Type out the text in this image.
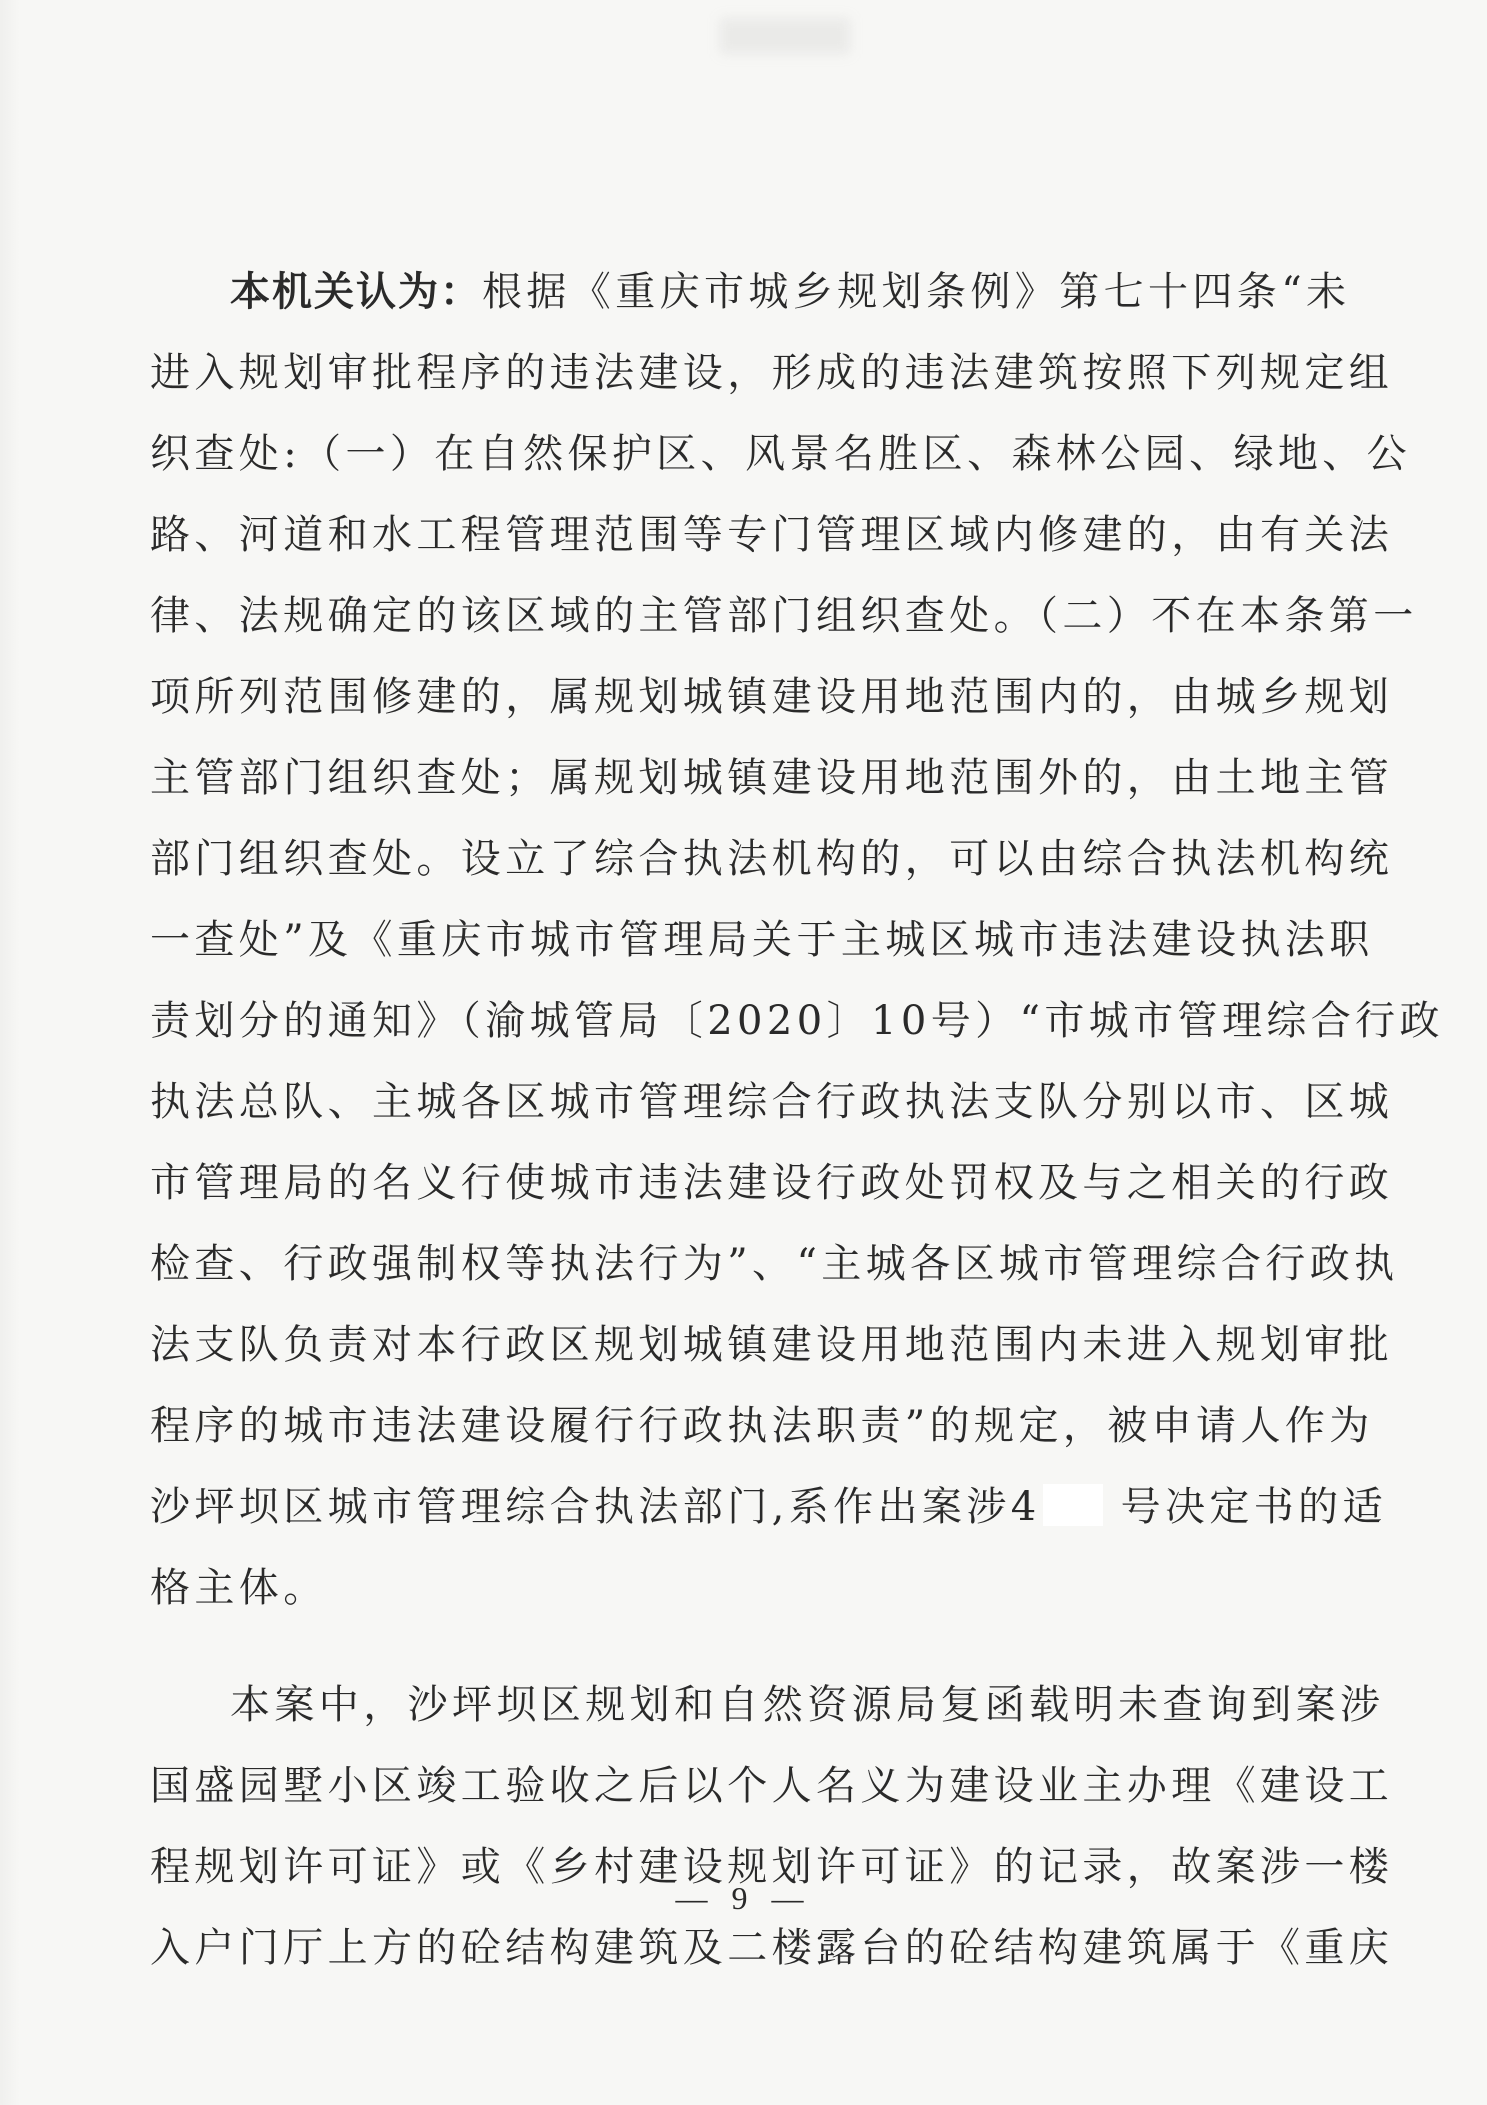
本机关认为：根据《重庆市城乡规划条例》第七十四条“未
进入规划审批程序的违法建设，形成的违法建筑按照下列规定组
织查处:（一）在自然保护区、风景名胜区、森林公园、绿地、公
路、河道和水工程管理范围等专门管理区域内修建的，由有关法
律、法规确定的该区域的主管部门组织查处。（二）不在本条第一
项所列范围修建的，属规划城镇建设用地范围内的，由城乡规划
主管部门组织查处；属规划城镇建设用地范围外的，由土地主管
部门组织查处。设立了综合执法机构的，可以由综合执法机构统
一查处”及《重庆市城市管理局关于主城区城市违法建设执法职
责划分的通知》（渝城管局〔2020〕10号）“市城市管理综合行政
执法总队、主城各区城市管理综合行政执法支队分别以市、区城
市管理局的名义行使城市违法建设行政处罚权及与之相关的行政
检查、行政强制权等执法行为”、“主城各区城市管理综合行政执
法支队负责对本行政区规划城镇建设用地范围内未进入规划审批
程序的城市违法建设履行行政执法职责”的规定，被申请人作为
沙坪坝区城市管理综合执法部门,系作出案涉4 号决定书的适
格主体。
本案中，沙坪坝区规划和自然资源局复函载明未查询到案涉
国盛园墅小区竣工验收之后以个人名义为建设业主办理《建设工
程规划许可证》或《乡村建设规划许可证》的记录，故案涉一楼
入户门厅上方的砼结构建筑及二楼露台的砼结构建筑属于《重庆
— 9 —
